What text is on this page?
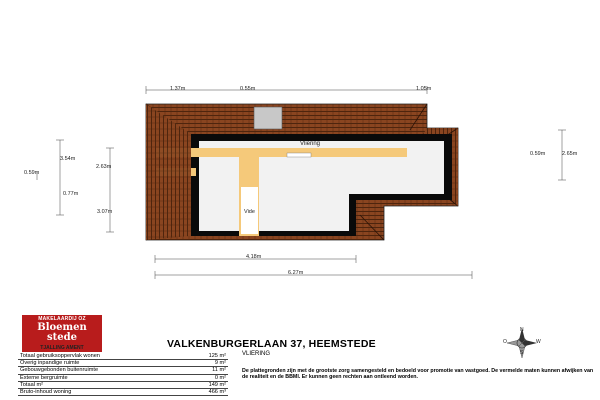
1.37m	0.55m	1.05m
3.54m
0.59m
2.63m
0.77m
3.07m
0.59m	2.65m
4.18m
6.27m
Vliering
Vide
N
O	W
S
MAKELAARDIJ OZ
Bloemen
stede
TJALLING AMENT
Totaal gebruiksoppervlak wonen	125 m²
Overig inpandige ruimte	9 m²
Gebouwgebonden buitenruimte	11 m²
Externe bergruimte	0 m²
Totaal m²	149 m²
Bruto-inhoud woning	466 m³
VALKENBURGERLAAN 37, HEEMSTEDE
VLIERING
De plattegronden zijn met de grootste zorg samengesteld en bedoeld voor promotie van vastgoed. De vermelde maten kunnen afwijken van de realiteit en de BBMI. Er kunnen geen rechten aan ontleend worden.
